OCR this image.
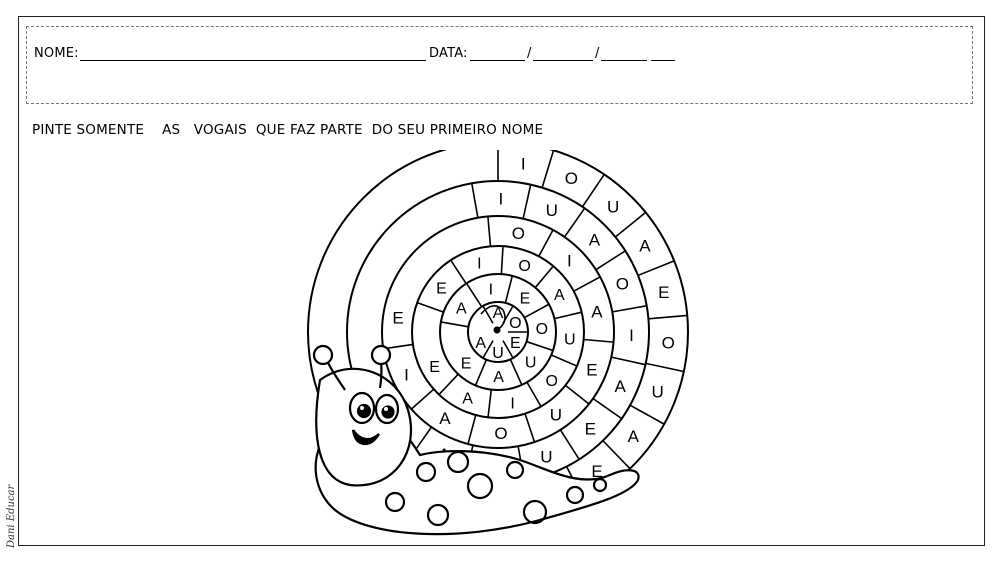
NOME:	DATA:	/	/
PINTE SOMENTE    AS   VOGAIS  QUE FAZ PARTE  DO SEU PRIMEIRO NOME
Dani Educar
I
O
U
A
E
O
U
A
E
I
U
A
O
I
A
E
U
O
I
A
E
U
O
A
I
E
E
I O
A
U
O
I
A
E
A
I
E
O
U
A
E
A
O
E
U
A
